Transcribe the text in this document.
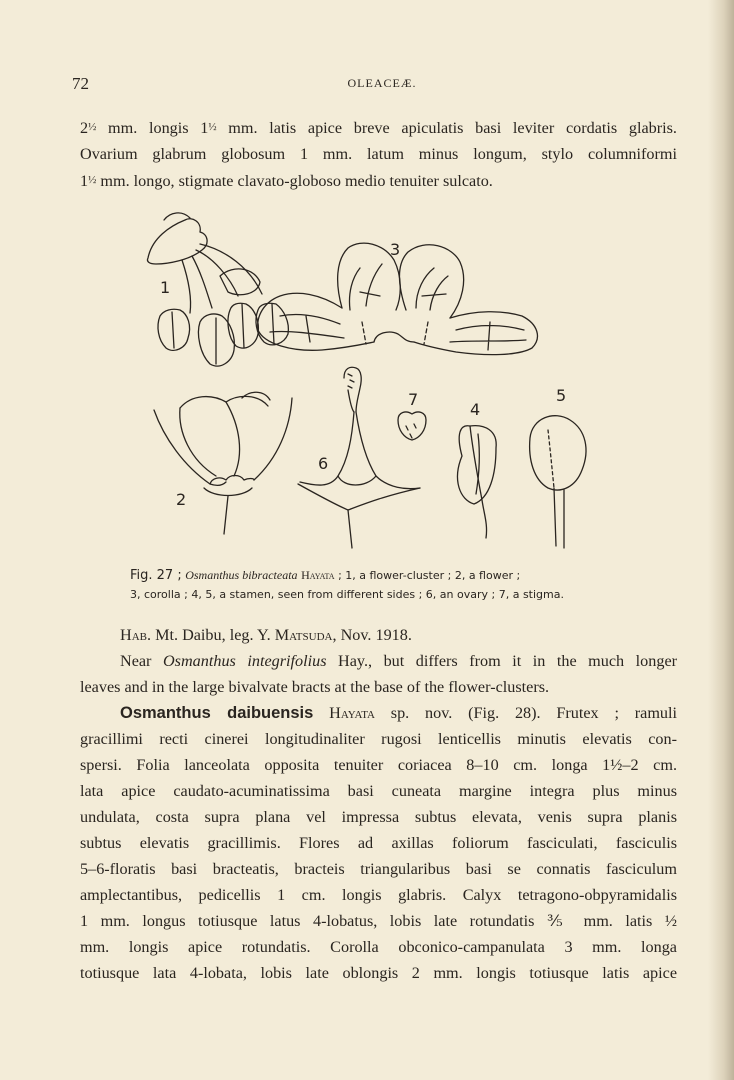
72	OLEACEÆ.
2½ mm. longis 1½ mm. latis apice breve apiculatis basi leviter cordatis glabris.
Ovarium glabrum globosum 1 mm. latum minus longum, stylo columniformi
1½ mm. longo, stigmate clavato-globoso medio tenuiter sulcato.
1
2
3
4
5
6
7
Fig. 27 ; Osmanthus bibracteata Hayata ; 1, a flower-cluster ; 2, a flower ;
3, corolla ; 4, 5, a stamen, seen from different sides ; 6, an ovary ; 7, a stigma.
Hab. Mt. Daibu, leg. Y. Matsuda, Nov. 1918.
Near Osmanthus integrifolius Hay., but differs from it in the much longer
leaves and in the large bivalvate bracts at the base of the flower-clusters.
Osmanthus daibuensis Hayata sp. nov. (Fig. 28). Frutex ; ramuli
gracillimi recti cinerei longitudinaliter rugosi lenticellis minutis elevatis con-
spersi. Folia lanceolata opposita tenuiter coriacea 8–10 cm. longa 1½–2 cm.
lata apice caudato-acuminatissima basi cuneata margine integra plus minus
undulata, costa supra plana vel impressa subtus elevata, venis supra planis
subtus elevatis gracillimis. Flores ad axillas foliorum fasciculati, fasciculis
5–6-floratis basi bracteatis, bracteis triangularibus basi se connatis fasciculum
amplectantibus, pedicellis 1 cm. longis glabris. Calyx tetragono-obpyramidalis
1 mm. longus totiusque latus 4-lobatus, lobis late rotundatis ⅗ mm. latis ½
mm. longis apice rotundatis. Corolla obconico-campanulata 3 mm. longa
totiusque lata 4-lobata, lobis late oblongis 2 mm. longis totiusque latis apice
